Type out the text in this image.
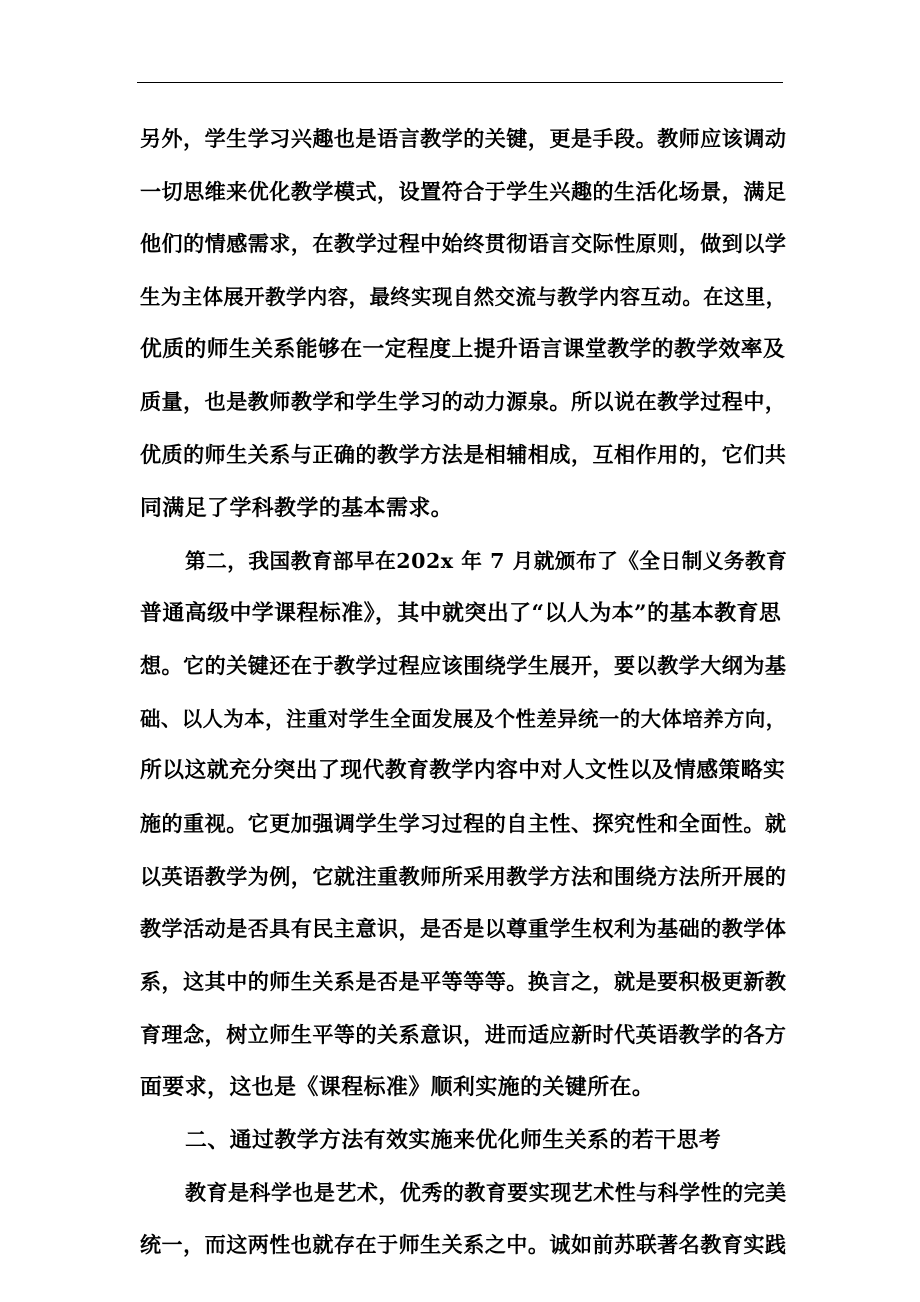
另外，学生学习兴趣也是语言教学的关键，更是手段。教师应该调动
一切思维来优化教学模式，设置符合于学生兴趣的生活化场景，满足
他们的情感需求，在教学过程中始终贯彻语言交际性原则，做到以学
生为主体展开教学内容，最终实现自然交流与教学内容互动。在这里，
优质的师生关系能够在一定程度上提升语言课堂教学的教学效率及
质量，也是教师教学和学生学习的动力源泉。所以说在教学过程中，
优质的师生关系与正确的教学方法是相辅相成，互相作用的，它们共
同满足了学科教学的基本需求。
第二，我国教育部早在202x 年 7 月就颁布了《全日制义务教育
普通高级中学课程标准》，其中就突出了“以人为本”的基本教育思
想。它的关键还在于教学过程应该围绕学生展开，要以教学大纲为基
础、以人为本，注重对学生全面发展及个性差异统一的大体培养方向，
所以这就充分突出了现代教育教学内容中对人文性以及情感策略实
施的重视。它更加强调学生学习过程的自主性、探究性和全面性。就
以英语教学为例，它就注重教师所采用教学方法和围绕方法所开展的
教学活动是否具有民主意识，是否是以尊重学生权利为基础的教学体
系，这其中的师生关系是否是平等等等。换言之，就是要积极更新教
育理念，树立师生平等的关系意识，进而适应新时代英语教学的各方
面要求，这也是《课程标准》顺利实施的关键所在。
二、通过教学方法有效实施来优化师生关系的若干思考
教育是科学也是艺术，优秀的教育要实现艺术性与科学性的完美
统一，而这两性也就存在于师生关系之中。诚如前苏联著名教育实践
